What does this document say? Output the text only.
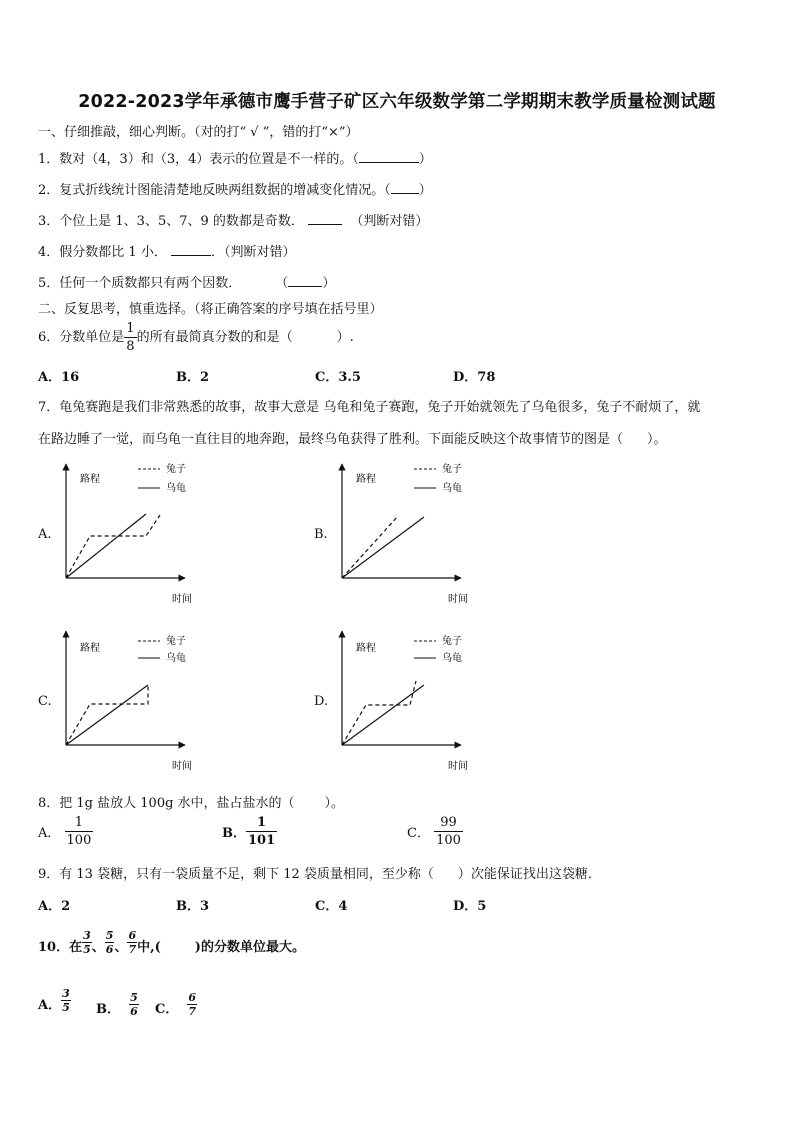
2022-2023学年承德市鹰手营子矿区六年级数学第二学期期末教学质量检测试题
一、仔细推敲，细心判断。（对的打“ √ ”，错的打“×”）
1．数对（4，3）和（3，4）表示的位置是不一样的。（	）
2．复式折线统计图能清楚地反映两组数据的增减变化情况。（ ）
3．个位上是 1、3、5、7、9 的数都是奇数．	（判断对错）
4．假分数都比 1 小．	．（判断对错）
5．任何一个质数都只有两个因数．	（	）
二、反复思考，慎重选择。（将正确答案的序号填在括号里）
6．分数单位是 $\frac{1}{8}$ 的所有最简真分数的和是（	）.
A．16	B．2	C．3.5	D．78
7．龟兔赛跑是我们非常熟悉的故事，故事大意是 乌龟和兔子赛跑，兔子开始就领先了乌龟很多，兔子不耐烦了，就
在路边睡了一觉，而乌龟一直往目的地奔跑，最终乌龟获得了胜利。下面能反映这个故事情节的图是（ ）。
A.
路程
时间
兔子
乌龟
B.
路程
时间
兔子
乌龟
C.
路程
时间
兔子
乌龟
D.
路程
时间
兔子
乌龟
8．把 1g 盐放人 100g 水中，盐占盐水的（ ）。
A． $\frac{1}{100}$	B． $\frac{1}{101}$	C． $\frac{99}{100}$
9．有 13 袋糖，只有一袋质量不足，剩下 12 袋质量相同，至少称（ ）次能保证找出这袋糖．
A．2	B．3	C．4	D．5
10．在 $\frac{3}{5}$ 、 $\frac{5}{6}$ 、 $\frac{6}{7}$ 中,(	)的分数单位最大。
A． $\frac{3}{5}$ B． $\frac{5}{6}$ C． $\frac{6}{7}$
